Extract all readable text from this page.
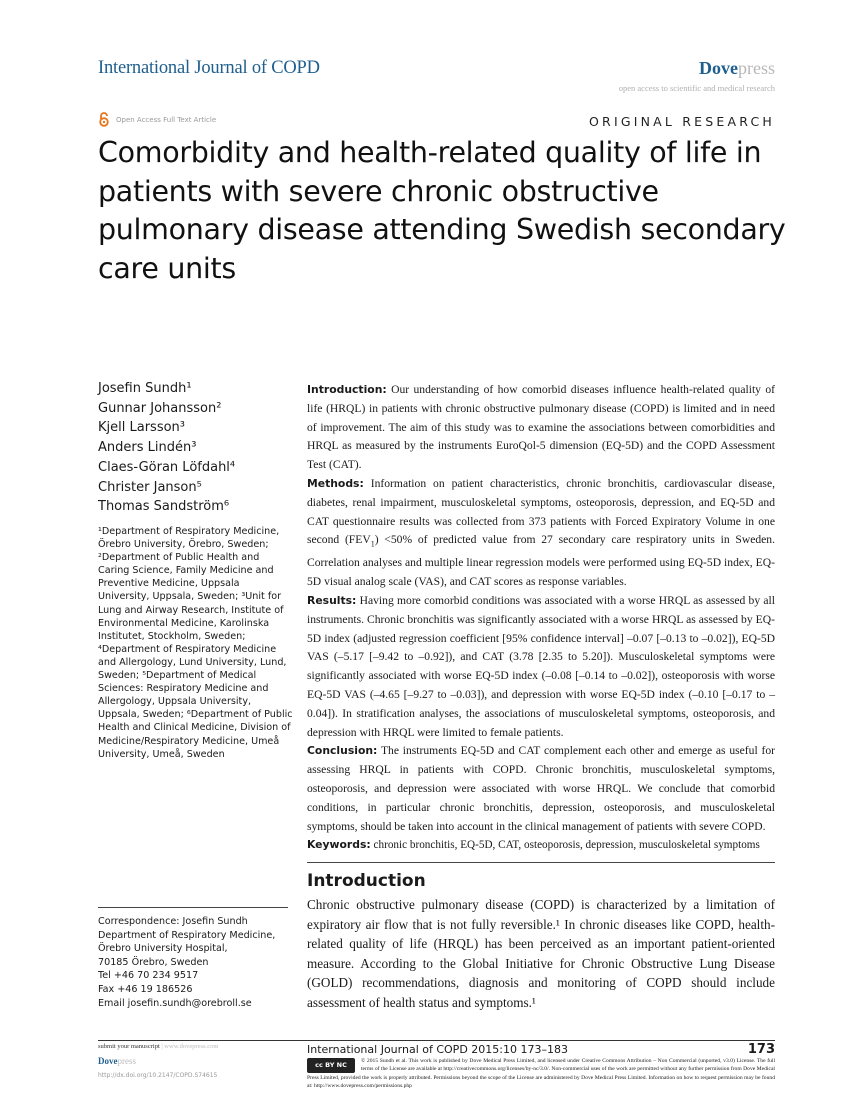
International Journal of COPD	Dovepress
open access to scientific and medical research
Open Access Full Text Article	ORIGINAL RESEARCH
Comorbidity and health-related quality of life in patients with severe chronic obstructive pulmonary disease attending Swedish secondary care units
Josefin Sundh¹
Gunnar Johansson²
Kjell Larsson³
Anders Lindén³
Claes-Göran Löfdahl⁴
Christer Janson⁵
Thomas Sandström⁶
¹Department of Respiratory Medicine, Örebro University, Örebro, Sweden; ²Department of Public Health and Caring Science, Family Medicine and Preventive Medicine, Uppsala University, Uppsala, Sweden; ³Unit for Lung and Airway Research, Institute of Environmental Medicine, Karolinska Institutet, Stockholm, Sweden; ⁴Department of Respiratory Medicine and Allergology, Lund University, Lund, Sweden; ⁵Department of Medical Sciences: Respiratory Medicine and Allergology, Uppsala University, Uppsala, Sweden; ⁶Department of Public Health and Clinical Medicine, Division of Medicine/Respiratory Medicine, Umeå University, Umeå, Sweden
Correspondence: Josefin Sundh
Department of Respiratory Medicine,
Örebro University Hospital,
70185 Örebro, Sweden
Tel +46 70 234 9517
Fax +46 19 186526
Email josefin.sundh@orebroll.se

Introduction: Our understanding of how comorbid diseases influence health-related quality of life (HRQL) in patients with chronic obstructive pulmonary disease (COPD) is limited and in need of improvement. The aim of this study was to examine the associations between comorbidities and HRQL as measured by the instruments EuroQol-5 dimension (EQ-5D) and the COPD Assessment Test (CAT).

Methods: Information on patient characteristics, chronic bronchitis, cardiovascular disease, diabetes, renal impairment, musculoskeletal symptoms, osteoporosis, depression, and EQ-5D and CAT questionnaire results was collected from 373 patients with Forced Expiratory Volume in one second $(FEV_1) <50\%$ of predicted value from 27 secondary care respiratory units in Sweden. Correlation analyses and multiple linear regression models were performed using EQ-5D index, EQ-5D visual analog scale (VAS), and CAT scores as response variables.

Results: Having more comorbid conditions was associated with a worse HRQL as assessed by all instruments. Chronic bronchitis was significantly associated with a worse HRQL as assessed by EQ-5D index (adjusted regression coefficient [95% confidence interval] –0.07 [–0.13 to –0.02]), EQ-5D VAS (–5.17 [–9.42 to –0.92]), and CAT (3.78 [2.35 to 5.20]). Musculoskeletal symptoms were significantly associated with worse EQ-5D index (–0.08 [–0.14 to –0.02]), osteoporosis with worse EQ-5D VAS (–4.65 [–9.27 to –0.03]), and depression with worse EQ-5D index (–0.10 [–0.17 to –0.04]). In stratification analyses, the associations of musculoskeletal symptoms, osteoporosis, and depression with HRQL were limited to female patients.

Conclusion: The instruments EQ-5D and CAT complement each other and emerge as useful for assessing HRQL in patients with COPD. Chronic bronchitis, musculoskeletal symptoms, osteoporosis, and depression were associated with worse HRQL. We conclude that comorbid conditions, in particular chronic bronchitis, depression, osteoporosis, and musculoskeletal symptoms, should be taken into account in the clinical management of patients with severe COPD.

Keywords: chronic bronchitis, EQ-5D, CAT, osteoporosis, depression, musculoskeletal symptoms

Introduction
Chronic obstructive pulmonary disease (COPD) is characterized by a limitation of expiratory air flow that is not fully reversible.¹ In chronic diseases like COPD, health-related quality of life (HRQL) has been perceived as an important patient-oriented measure. According to the Global Initiative for Chronic Obstructive Lung Disease (GOLD) recommendations, diagnosis and monitoring of COPD should include assessment of health status and symptoms.¹
submit your manuscript | www.dovepress.com
Dovepress
http://dx.doi.org/10.2147/COPD.S74615
International Journal of COPD 2015:10 173–183	173
cc BY NC	© 2015 Sundh et al. This work is published by Dove Medical Press Limited, and licensed under Creative Commons Attribution – Non Commercial (unported, v3.0) License. The full terms of the License are available at http://creativecommons.org/licenses/by-nc/3.0/. Non-commercial uses of the work are permitted without any further permission from Dove Medical Press Limited, provided the work is properly attributed. Permissions beyond the scope of the License are administered by Dove Medical Press Limited. Information on how to request permission may be found at: http://www.dovepress.com/permissions.php
